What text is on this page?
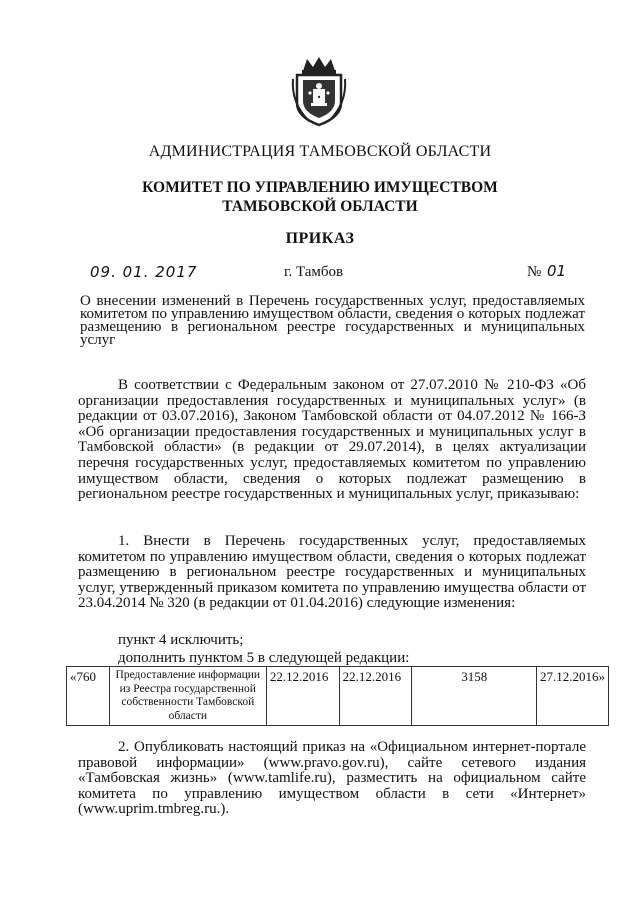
АДМИНИСТРАЦИЯ ТАМБОВСКОЙ ОБЛАСТИ
КОМИТЕТ ПО УПРАВЛЕНИЮ ИМУЩЕСТВОМ
ТАМБОВСКОЙ ОБЛАСТИ
ПРИКАЗ
09. 01. 2017	г. Тамбов	№ 01
О внесении изменений в Перечень государственных услуг, предоставляемых комитетом по управлению имуществом области, сведения о которых подлежат размещению в региональном реестре государственных и муниципальных услуг
В соответствии с Федеральным законом от 27.07.2010 № 210-ФЗ «Об организации предоставления государственных и муниципальных услуг» (в редакции от 03.07.2016), Законом Тамбовской области от 04.07.2012 № 166-З «Об организации предоставления государственных и муниципальных услуг в Тамбовской области» (в редакции от 29.07.2014), в целях актуализации перечня государственных услуг, предоставляемых комитетом по управлению имуществом области, сведения о которых подлежат размещению в региональном реестре государственных и муниципальных услуг, приказываю:
1. Внести в Перечень государственных услуг, предоставляемых комитетом по управлению имуществом области, сведения о которых подлежат размещению в региональном реестре государственных и муниципальных услуг, утвержденный приказом комитета по управлению имущества области от 23.04.2014 № 320 (в редакции от 01.04.2016) следующие изменения:
пункт 4 исключить;
дополнить пунктом 5 в следующей редакции:
«760	Предоставление информации из Реестра государственной собственности Тамбовской области	22.12.2016	22.12.2016	3158	27.12.2016»
2. Опубликовать настоящий приказ на «Официальном интернет-портале правовой информации» (www.pravo.gov.ru), сайте сетевого издания «Тамбовская жизнь» (www.tamlife.ru), разместить на официальном сайте комитета по управлению имуществом области в сети «Интернет» (www.uprim.tmbreg.ru.).
